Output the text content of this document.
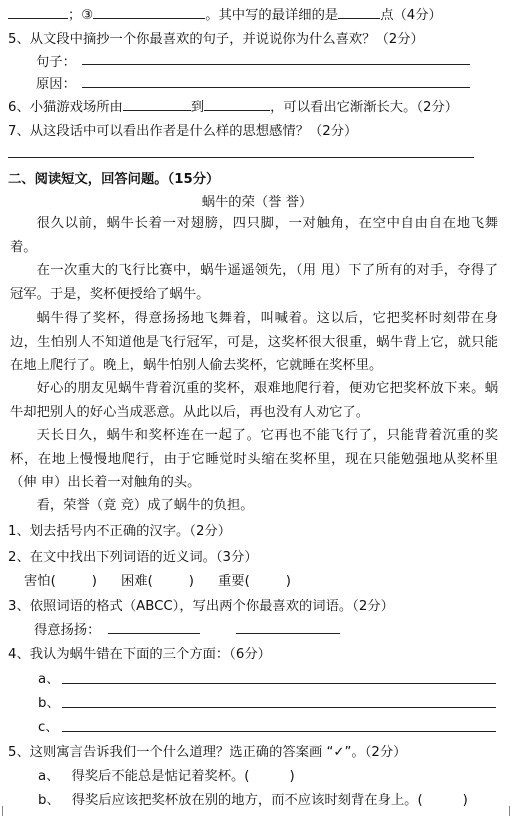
；③	。其中写的最详细的是	点（4分）
5、从文段中摘抄一个你最喜欢的句子，并说说你为什么喜欢？（2分）
句子：
原因：
6、小猫游戏场所由	到	，可以看出它渐渐长大。（2分）
7、从这段话中可以看出作者是什么样的思想感情？（2分）
二、阅读短文，回答问题。（15分）
蜗牛的荣（誉 誉）
很久以前，蜗牛长着一对翅膀，四只脚，一对触角，在空中自由自在地飞舞着。
在一次重大的飞行比赛中，蜗牛遥遥领先，（用 甩）下了所有的对手，夺得了冠军。于是，奖杯便授给了蜗牛。
蜗牛得了奖杯，得意扬扬地飞舞着，叫喊着。这以后，它把奖杯时刻带在身边，生怕别人不知道他是飞行冠军，可是，这奖杯很大很重，蜗牛背上它，就只能在地上爬行了。晚上，蜗牛怕别人偷去奖杯，它就睡在奖杯里。
好心的朋友见蜗牛背着沉重的奖杯，艰难地爬行着，便劝它把奖杯放下来。蜗牛却把别人的好心当成恶意。从此以后，再也没有人劝它了。
天长日久，蜗牛和奖杯连在一起了。它再也不能飞行了，只能背着沉重的奖杯，在地上慢慢地爬行，由于它睡觉时头缩在奖杯里，现在只能勉强地从奖杯里（伸 申）出长着一对触角的头。
看，荣誉（竟 竞）成了蜗牛的负担。
1、划去括号内不正确的汉字。（2分）
2、在文中找出下列词语的近义词。（3分）
害怕(	) 困难(	) 重要(	)
3、依照词语的格式（ABCC），写出两个你最喜欢的词语。（2分）
得意扬扬：
4、我认为蜗牛错在下面的三个方面：（6分）
a、
b、
c、
5、这则寓言告诉我们一个什么道理？选正确的答案画 “✓”。（2分）
a、 得奖后不能总是惦记着奖杯。(	)
b、 得奖后应该把奖杯放在别的地方，而不应该时刻背在身上。(	)
